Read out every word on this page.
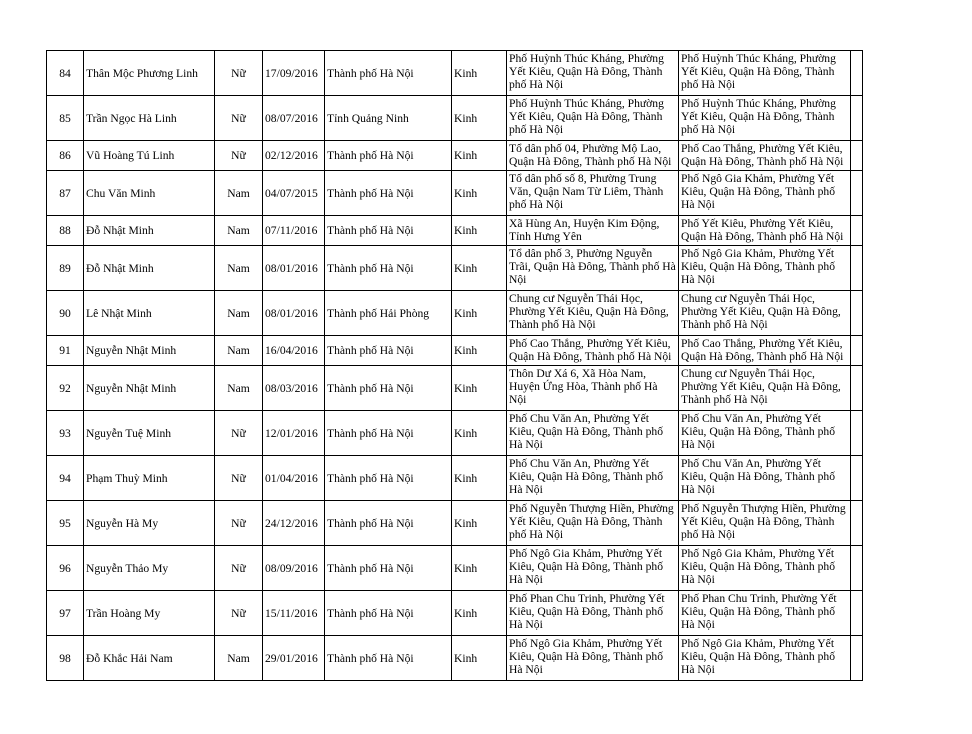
84	Thân Mộc Phương Linh	Nữ	17/09/2016	Thành phố Hà Nội	Kinh	Phố Huỳnh Thúc Kháng, Phường Yết Kiêu, Quận Hà Đông, Thành phố Hà Nội	Phố Huỳnh Thúc Kháng, Phường Yết Kiêu, Quận Hà Đông, Thành phố Hà Nội	
85	Trần Ngọc Hà Linh	Nữ	08/07/2016	Tỉnh Quảng Ninh	Kinh	Phố Huỳnh Thúc Kháng, Phường Yết Kiêu, Quận Hà Đông, Thành phố Hà Nội	Phố Huỳnh Thúc Kháng, Phường Yết Kiêu, Quận Hà Đông, Thành phố Hà Nội	
86	Vũ Hoàng Tú Linh	Nữ	02/12/2016	Thành phố Hà Nội	Kinh	Tổ dân phố 04, Phường Mộ Lao, Quận Hà Đông, Thành phố Hà Nội	Phố Cao Thắng, Phường Yết Kiêu, Quận Hà Đông, Thành phố Hà Nội	
87	Chu Văn Minh	Nam	04/07/2015	Thành phố Hà Nội	Kinh	Tổ dân phố số 8, Phường Trung Văn, Quận Nam Từ Liêm, Thành phố Hà Nội	Phố Ngô Gia Khảm, Phường Yết Kiêu, Quận Hà Đông, Thành phố Hà Nội	
88	Đỗ Nhật Minh	Nam	07/11/2016	Thành phố Hà Nội	Kinh	Xã Hùng An, Huyện Kim Động, Tỉnh Hưng Yên	Phố Yết Kiêu, Phường Yết Kiêu, Quận Hà Đông, Thành phố Hà Nội	
89	Đỗ Nhật Minh	Nam	08/01/2016	Thành phố Hà Nội	Kinh	Tổ dân phố 3, Phường Nguyễn Trãi, Quận Hà Đông, Thành phố Hà Nội	Phố Ngô Gia Khảm, Phường Yết Kiêu, Quận Hà Đông, Thành phố Hà Nội	
90	Lê Nhật Minh	Nam	08/01/2016	Thành phố Hải Phòng	Kinh	Chung cư Nguyễn Thái Học, Phường Yết Kiêu, Quận Hà Đông, Thành phố Hà Nội	Chung cư Nguyễn Thái Học, Phường Yết Kiêu, Quận Hà Đông, Thành phố Hà Nội	
91	Nguyễn Nhật Minh	Nam	16/04/2016	Thành phố Hà Nội	Kinh	Phố Cao Thắng, Phường Yết Kiêu, Quận Hà Đông, Thành phố Hà Nội	Phố Cao Thắng, Phường Yết Kiêu, Quận Hà Đông, Thành phố Hà Nội	
92	Nguyễn Nhật Minh	Nam	08/03/2016	Thành phố Hà Nội	Kinh	Thôn Dư Xá 6, Xã Hòa Nam, Huyện Ứng Hòa, Thành phố Hà Nội	Chung cư Nguyễn Thái Học, Phường Yết Kiêu, Quận Hà Đông, Thành phố Hà Nội	
93	Nguyễn Tuệ Minh	Nữ	12/01/2016	Thành phố Hà Nội	Kinh	Phố Chu Văn An, Phường Yết Kiêu, Quận Hà Đông, Thành phố Hà Nội	Phố Chu Văn An, Phường Yết Kiêu, Quận Hà Đông, Thành phố Hà Nội	
94	Phạm Thuỳ Minh	Nữ	01/04/2016	Thành phố Hà Nội	Kinh	Phố Chu Văn An, Phường Yết Kiêu, Quận Hà Đông, Thành phố Hà Nội	Phố Chu Văn An, Phường Yết Kiêu, Quận Hà Đông, Thành phố Hà Nội	
95	Nguyễn Hà My	Nữ	24/12/2016	Thành phố Hà Nội	Kinh	Phố Nguyễn Thượng Hiền, Phường Yết Kiêu, Quận Hà Đông, Thành phố Hà Nội	Phố Nguyễn Thượng Hiền, Phường Yết Kiêu, Quận Hà Đông, Thành phố Hà Nội	
96	Nguyễn Thảo My	Nữ	08/09/2016	Thành phố Hà Nội	Kinh	Phố Ngô Gia Khảm, Phường Yết Kiêu, Quận Hà Đông, Thành phố Hà Nội	Phố Ngô Gia Khảm, Phường Yết Kiêu, Quận Hà Đông, Thành phố Hà Nội	
97	Trần Hoàng My	Nữ	15/11/2016	Thành phố Hà Nội	Kinh	Phố Phan Chu Trinh, Phường Yết Kiêu, Quận Hà Đông, Thành phố Hà Nội	Phố Phan Chu Trinh, Phường Yết Kiêu, Quận Hà Đông, Thành phố Hà Nội	
98	Đỗ Khắc Hải Nam	Nam	29/01/2016	Thành phố Hà Nội	Kinh	Phố Ngô Gia Khảm, Phường Yết Kiêu, Quận Hà Đông, Thành phố Hà Nội	Phố Ngô Gia Khảm, Phường Yết Kiêu, Quận Hà Đông, Thành phố Hà Nội	
